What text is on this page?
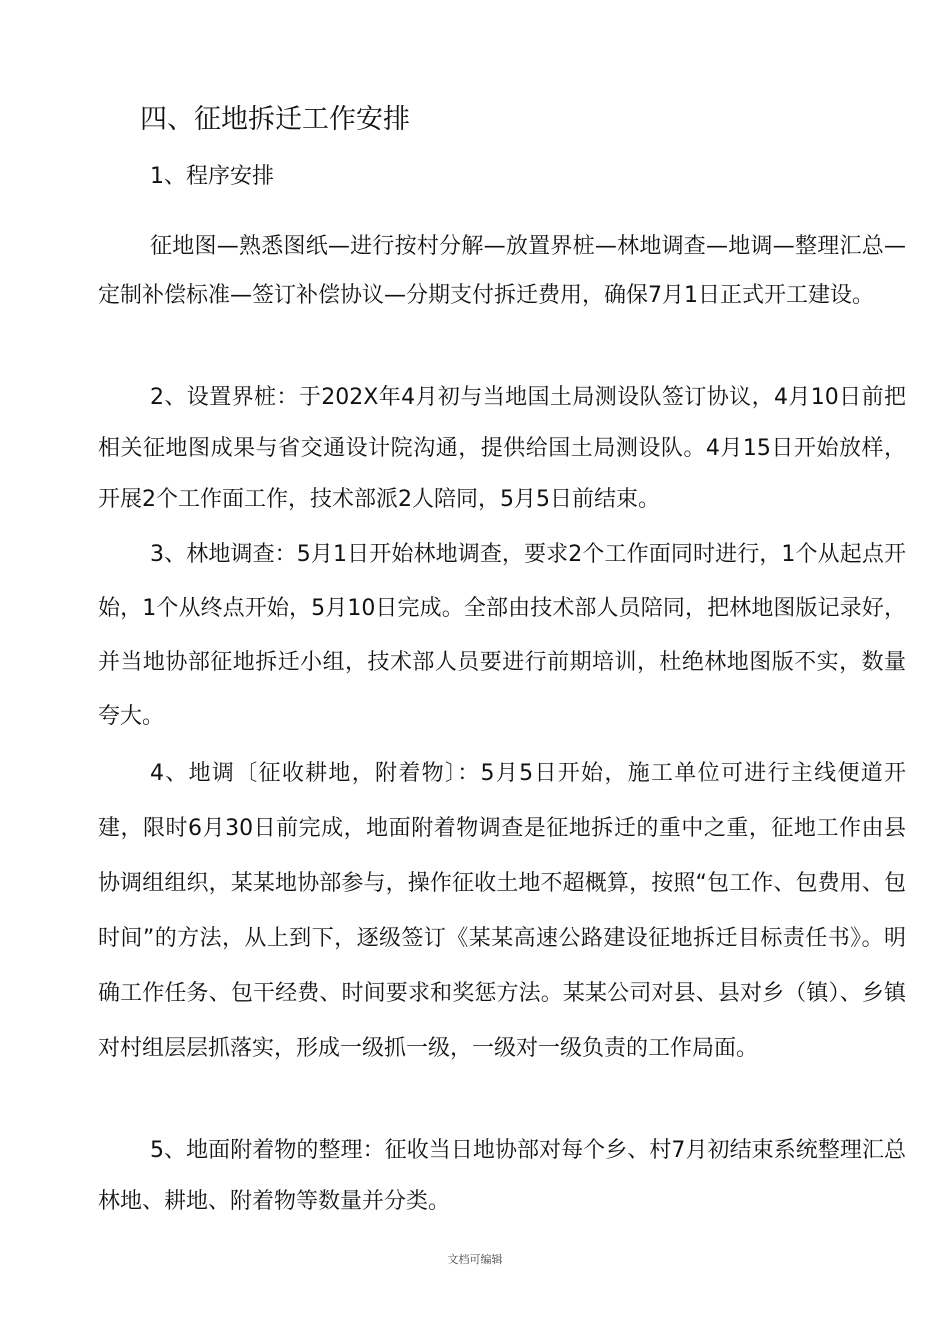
四、征地拆迁工作安排
1、程序安排
征地图—熟悉图纸—进行按村分解—放置界桩—林地调查—地调—整理汇总—定制补偿标准—签订补偿协议—分期支付拆迁费用，确保7月1日正式开工建设。
2、设置界桩：于202X年4月初与当地国土局测设队签订协议，4月10日前把相关征地图成果与省交通设计院沟通，提供给国土局测设队。4月15日开始放样，开展2个工作面工作，技术部派2人陪同，5月5日前结束。
3、林地调查：5月1日开始林地调查，要求2个工作面同时进行，1个从起点开始，1个从终点开始，5月10日完成。全部由技术部人员陪同，把林地图版记录好，并当地协部征地拆迁小组，技术部人员要进行前期培训，杜绝林地图版不实，数量夸大。
4、地调〔征收耕地，附着物〕：5月5日开始，施工单位可进行主线便道开建，限时6月30日前完成，地面附着物调查是征地拆迁的重中之重，征地工作由县协调组组织，某某地协部参与，操作征收土地不超概算，按照“包工作、包费用、包时间”的方法，从上到下，逐级签订《某某高速公路建设征地拆迁目标责任书》。明确工作任务、包干经费、时间要求和奖惩方法。某某公司对县、县对乡（镇）、乡镇对村组层层抓落实，形成一级抓一级，一级对一级负责的工作局面。
5、地面附着物的整理：征收当日地协部对每个乡、村7月初结束系统整理汇总林地、耕地、附着物等数量并分类。
文档可编辑
